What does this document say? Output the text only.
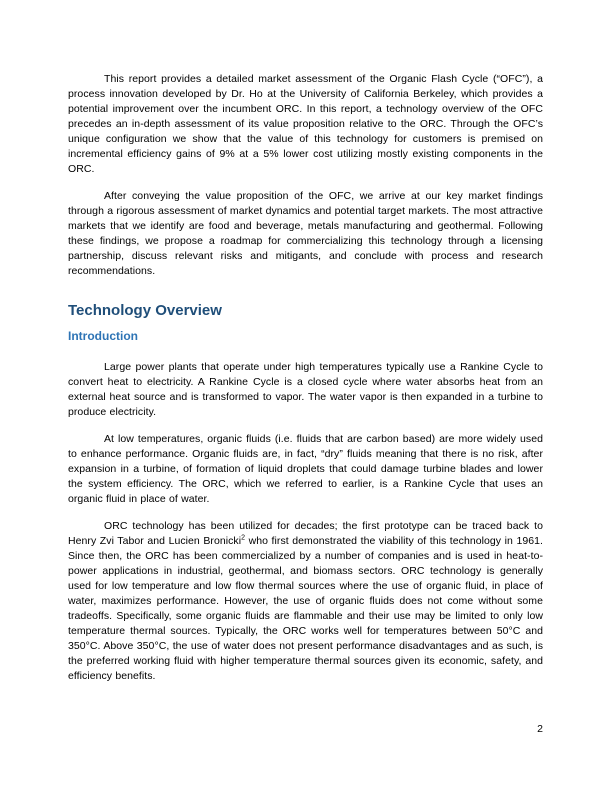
This report provides a detailed market assessment of the Organic Flash Cycle (“OFC”), a process innovation developed by Dr. Ho at the University of California Berkeley, which provides a potential improvement over the incumbent ORC. In this report, a technology overview of the OFC precedes an in-depth assessment of its value proposition relative to the ORC. Through the OFC’s unique configuration we show that the value of this technology for customers is premised on incremental efficiency gains of 9% at a 5% lower cost utilizing mostly existing components in the ORC.

After conveying the value proposition of the OFC, we arrive at our key market findings through a rigorous assessment of market dynamics and potential target markets. The most attractive markets that we identify are food and beverage, metals manufacturing and geothermal. Following these findings, we propose a roadmap for commercializing this technology through a licensing partnership, discuss relevant risks and mitigants, and conclude with process and research recommendations.

Technology Overview
Introduction

Large power plants that operate under high temperatures typically use a Rankine Cycle to convert heat to electricity. A Rankine Cycle is a closed cycle where water absorbs heat from an external heat source and is transformed to vapor. The water vapor is then expanded in a turbine to produce electricity.

At low temperatures, organic fluids (i.e. fluids that are carbon based) are more widely used to enhance performance. Organic fluids are, in fact, “dry” fluids meaning that there is no risk, after expansion in a turbine, of formation of liquid droplets that could damage turbine blades and lower the system efficiency. The ORC, which we referred to earlier, is a Rankine Cycle that uses an organic fluid in place of water.

ORC technology has been utilized for decades; the first prototype can be traced back to Henry Zvi Tabor and Lucien Bronicki$^2$ who first demonstrated the viability of this technology in 1961. Since then, the ORC has been commercialized by a number of companies and is used in heat-to-power applications in industrial, geothermal, and biomass sectors. ORC technology is generally used for low temperature and low flow thermal sources where the use of organic fluid, in place of water, maximizes performance. However, the use of organic fluids does not come without some tradeoffs. Specifically, some organic fluids are flammable and their use may be limited to only low temperature thermal sources. Typically, the ORC works well for temperatures between 50°C and 350°C. Above 350°C, the use of water does not present performance disadvantages and as such, is the preferred working fluid with higher temperature thermal sources given its economic, safety, and efficiency benefits.

2
